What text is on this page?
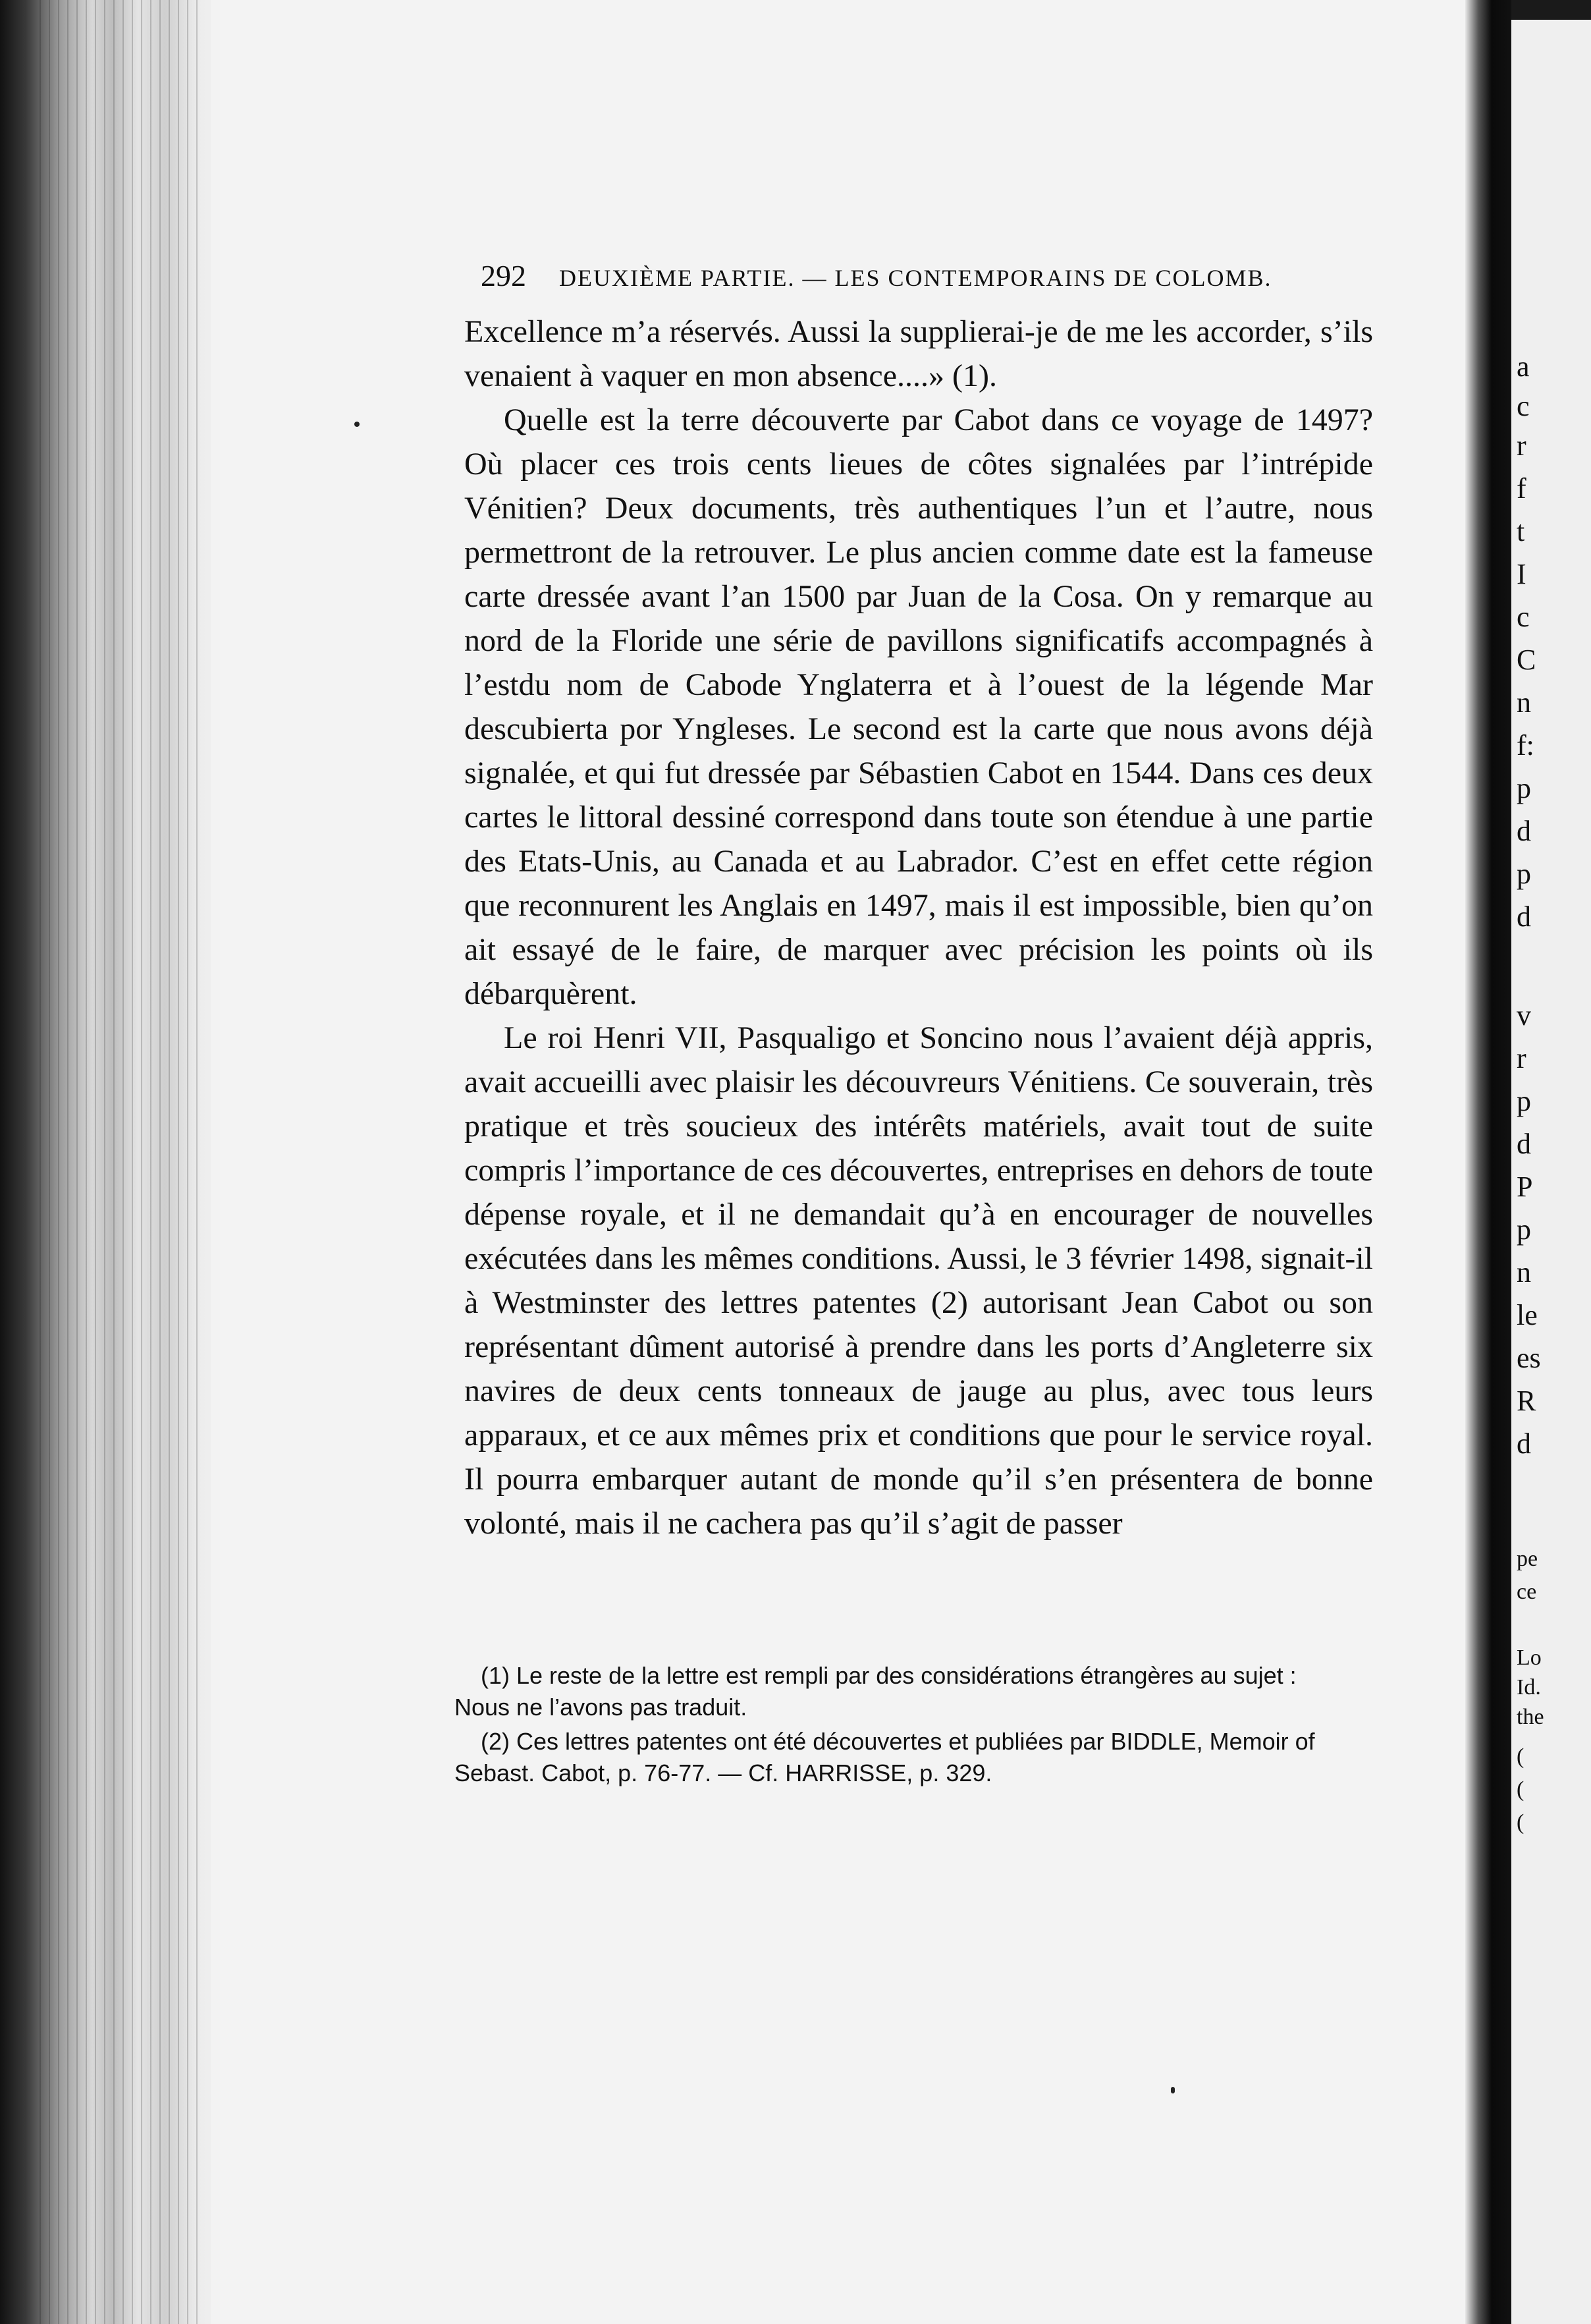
292 DEUXIÈME PARTIE. — LES CONTEMPORAINS DE COLOMB.

Excellence m’a réservés. Aussi la supplierai-je de me les accorder, s’ils venaient à vaquer en mon absence....» (1).

Quelle est la terre découverte par Cabot dans ce voyage de 1497? Où placer ces trois cents lieues de côtes signalées par l’intrépide Vénitien? Deux documents, très authentiques l’un et l’autre, nous permettront de la retrouver. Le plus ancien comme date est la fameuse carte dressée avant l’an 1500 par Juan de la Cosa. On y remarque au nord de la Floride une série de pavillons significatifs accompagnés à l’estdu nom de Cabode Ynglaterra et à l’ouest de la légende Mar descubierta por Yngleses. Le second est la carte que nous avons déjà signalée, et qui fut dressée par Sébastien Cabot en 1544. Dans ces deux cartes le littoral dessiné correspond dans toute son étendue à une partie des Etats-Unis, au Canada et au Labrador. C’est en effet cette région que reconnurent les Anglais en 1497, mais il est impossible, bien qu’on ait essayé de le faire, de marquer avec précision les points où ils débarquèrent.

Le roi Henri VII, Pasqualigo et Soncino nous l’avaient déjà appris, avait accueilli avec plaisir les découvreurs Vénitiens. Ce souverain, très pratique et très soucieux des intérêts matériels, avait tout de suite compris l’importance de ces découvertes, entreprises en dehors de toute dépense royale, et il ne demandait qu’à en encourager de nouvelles exécutées dans les mêmes conditions. Aussi, le 3 février 1498, signait-il à Westminster des lettres patentes (2) autorisant Jean Cabot ou son représentant dûment autorisé à prendre dans les ports d’Angleterre six navires de deux cents tonneaux de jauge au plus, avec tous leurs apparaux, et ce aux mêmes prix et conditions que pour le service royal. Il pourra embarquer autant de monde qu’il s’en présentera de bonne volonté, mais il ne cachera pas qu’il s’agit de passer

(1) Le reste de la lettre est rempli par des considérations étrangères au sujet : Nous ne l’avons pas traduit.

(2) Ces lettres patentes ont été découvertes et publiées par BIDDLE, Memoir of Sebast. Cabot, p. 76-77. — Cf. HARRISSE, p. 329.

a
c
r
f
t
I
c
C
n
f:
p
d
p
d
v
r
p
d
P
p
n
le
es
R
d
pe
ce
Lo
Id.
the
(
(
(
